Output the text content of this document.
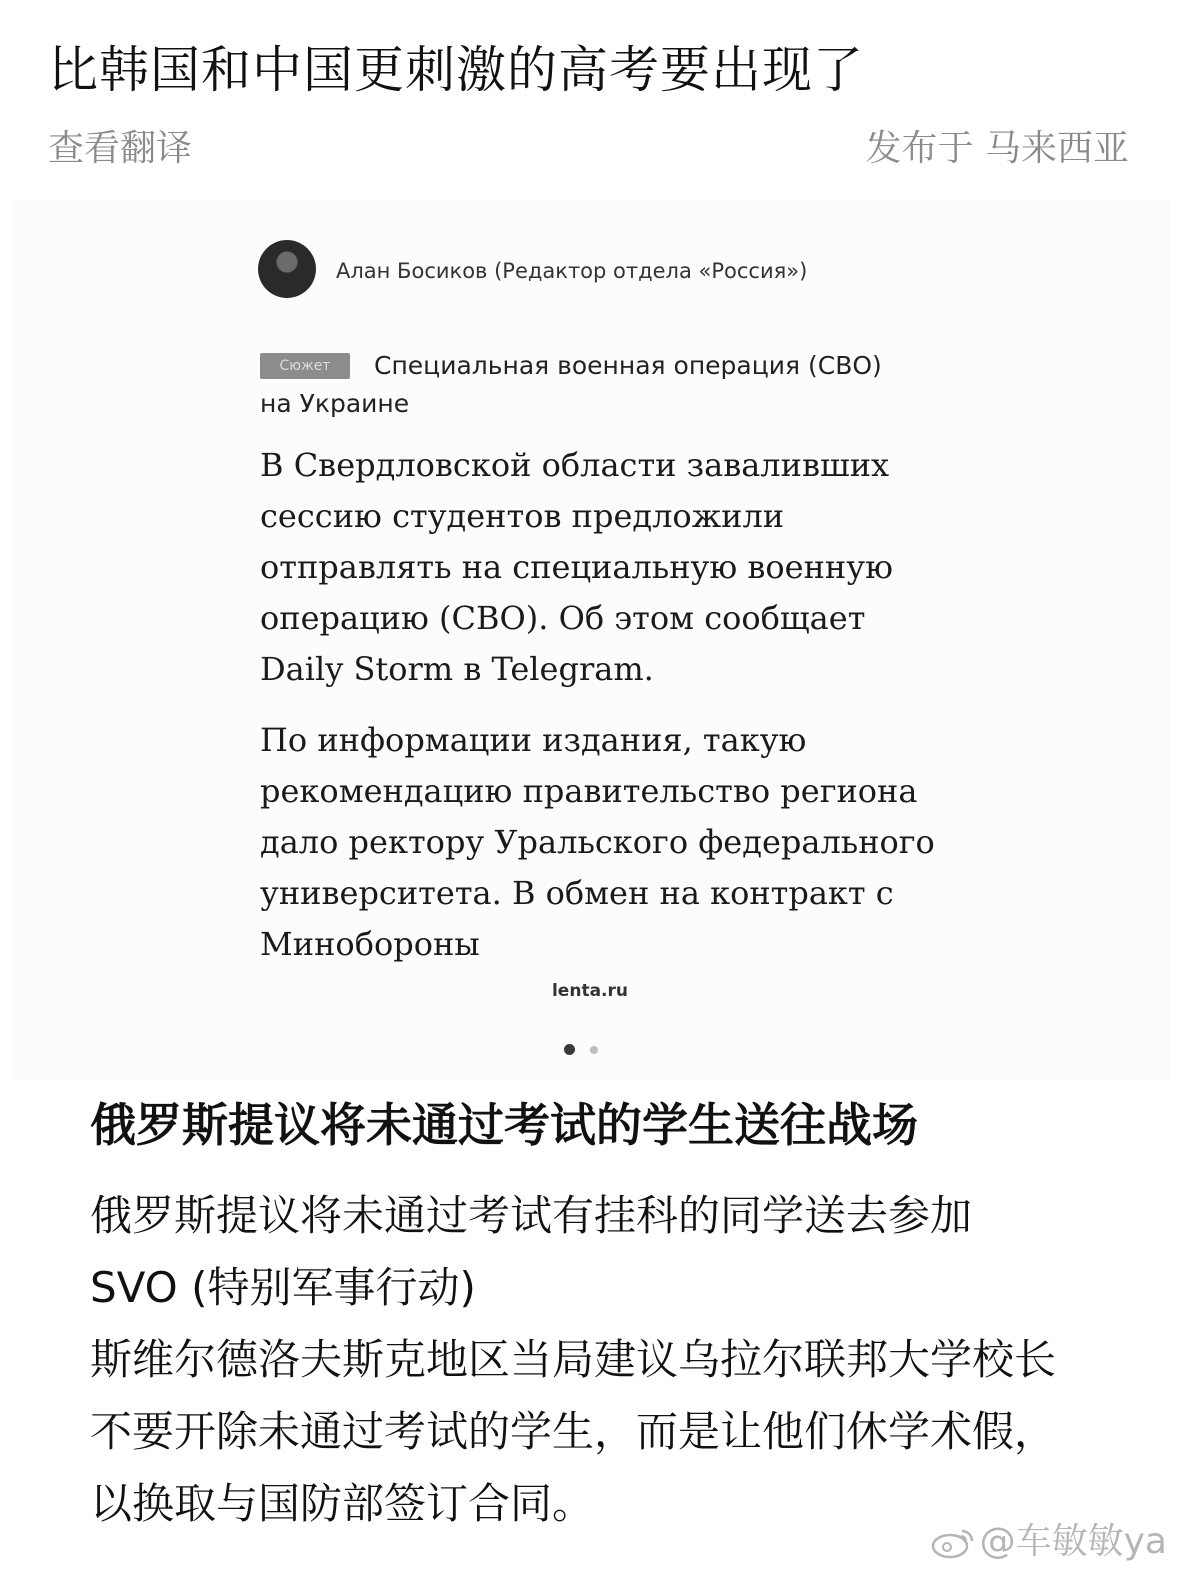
比韩国和中国更刺激的高考要出现了
查看翻译	发布于 马来西亚
Алан Босиков (Редактор отдела «Россия»)
Специальная военная операция (СВО) на Украине
Сюжет

В Свердловской области заваливших сессию студентов предложили отправлять на специальную военную операцию (СВО). Об этом сообщает Daily Storm в Telegram.

По информации издания, такую рекомендацию правительство региона дало ректору Уральского федерального университета. В обмен на контракт с Минобороны

lenta.ru
俄罗斯提议将未通过考试的学生送往战场

俄罗斯提议将未通过考试有挂科的同学送去参加

SVO (特别军事行动)

斯维尔德洛夫斯克地区当局建议乌拉尔联邦大学校长不要开除未通过考试的学生，而是让他们休学术假，以换取与国防部签订合同。

@车敏敏ya
